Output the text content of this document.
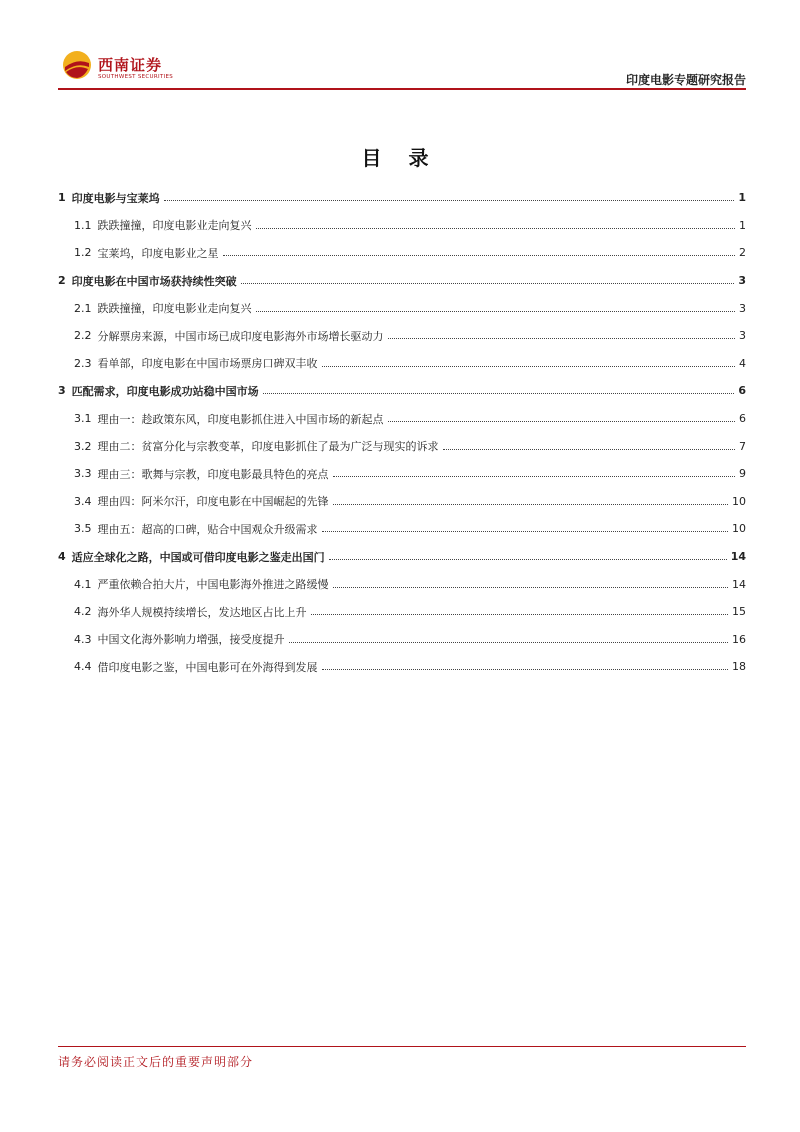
西南证券
SOUTHWEST SECURITIES	印度电影专题研究报告
目 录
1 印度电影与宝莱坞	1
1.1 跌跌撞撞，印度电影业走向复兴	1
1.2 宝莱坞，印度电影业之星	2
2 印度电影在中国市场获持续性突破	3
2.1 跌跌撞撞，印度电影业走向复兴	3
2.2 分解票房来源，中国市场已成印度电影海外市场增长驱动力	3
2.3 看单部，印度电影在中国市场票房口碑双丰收	4
3 匹配需求，印度电影成功站稳中国市场	6
3.1 理由一：趁政策东风，印度电影抓住进入中国市场的新起点	6
3.2 理由二：贫富分化与宗教变革，印度电影抓住了最为广泛与现实的诉求	7
3.3 理由三：歌舞与宗教，印度电影最具特色的亮点	9
3.4 理由四：阿米尔汗，印度电影在中国崛起的先锋	10
3.5 理由五：超高的口碑，贴合中国观众升级需求	10
4 适应全球化之路，中国或可借印度电影之鉴走出国门	14
4.1 严重依赖合拍大片，中国电影海外推进之路缓慢	14
4.2 海外华人规模持续增长，发达地区占比上升	15
4.3 中国文化海外影响力增强，接受度提升	16
4.4 借印度电影之鉴，中国电影可在外海得到发展	18
请务必阅读正文后的重要声明部分
